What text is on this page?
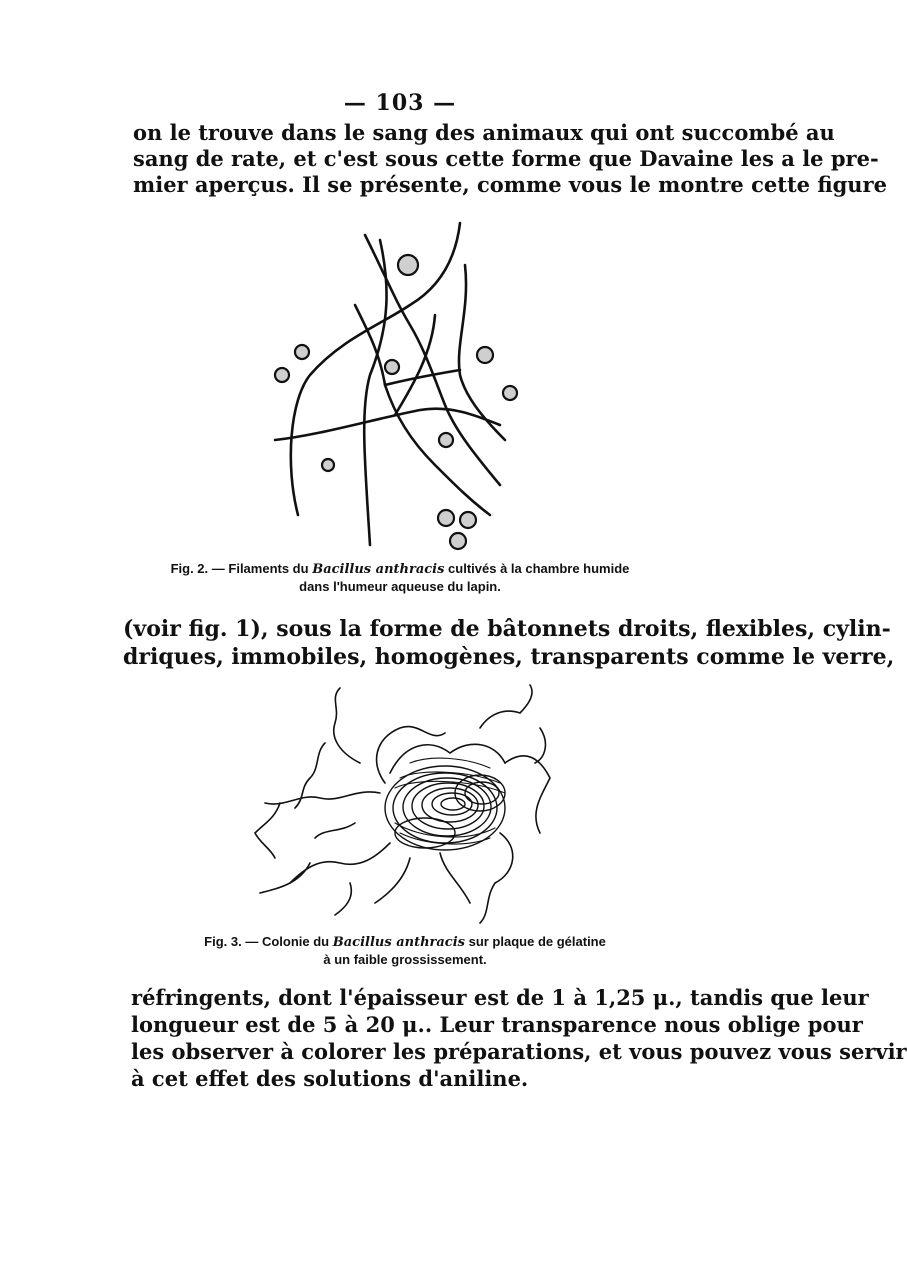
— 103 —

on le trouve dans le sang des animaux qui ont succombé au
sang de rate, et c'est sous cette forme que Davaine les a le pre-
mier aperçus. Il se présente, comme vous le montre cette figure

Fig. 2. — Filaments du Bacillus anthracis cultivés à la chambre humide
dans l'humeur aqueuse du lapin.

(voir fig. 1), sous la forme de bâtonnets droits, flexibles, cylin-
driques, immobiles, homogènes, transparents comme le verre,

Fig. 3. — Colonie du Bacillus anthracis sur plaque de gélatine
à un faible grossissement.

réfringents, dont l'épaisseur est de 1 à 1,25 μ., tandis que leur
longueur est de 5 à 20 μ.. Leur transparence nous oblige pour
les observer à colorer les préparations, et vous pouvez vous servir
à cet effet des solutions d'aniline.
